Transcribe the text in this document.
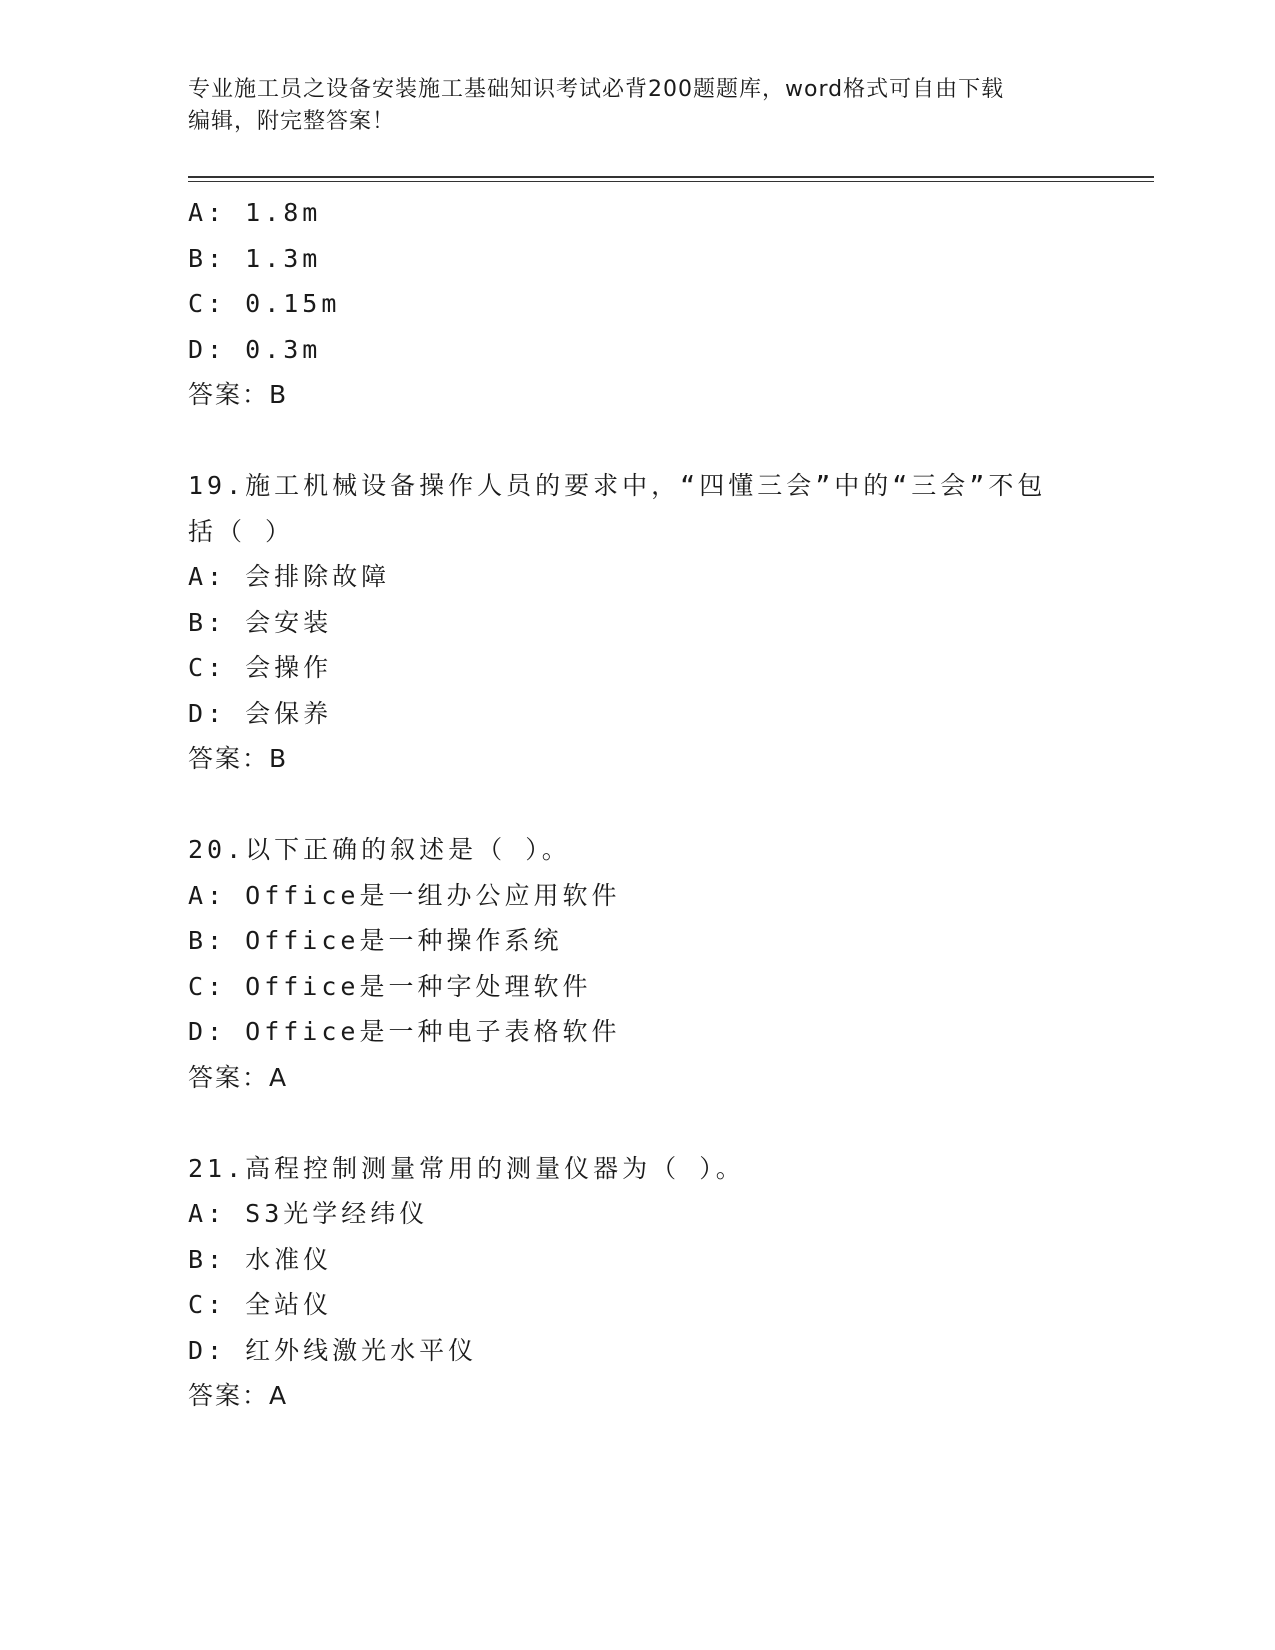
专业施工员之设备安装施工基础知识考试必背200题题库，word格式可自由下载
编辑，附完整答案！
A: 1.8m
B: 1.3m
C: 0.15m
D: 0.3m
答案：B
19.施工机械设备操作人员的要求中，“四懂三会”中的“三会”不包
括（ ）
A: 会排除故障
B: 会安装
C: 会操作
D: 会保养
答案：B
20.以下正确的叙述是（ ）。
A: Office是一组办公应用软件
B: Office是一种操作系统
C: Office是一种字处理软件
D: Office是一种电子表格软件
答案：A
21.高程控制测量常用的测量仪器为（ ）。
A: S3光学经纬仪
B: 水准仪
C: 全站仪
D: 红外线激光水平仪
答案：A
